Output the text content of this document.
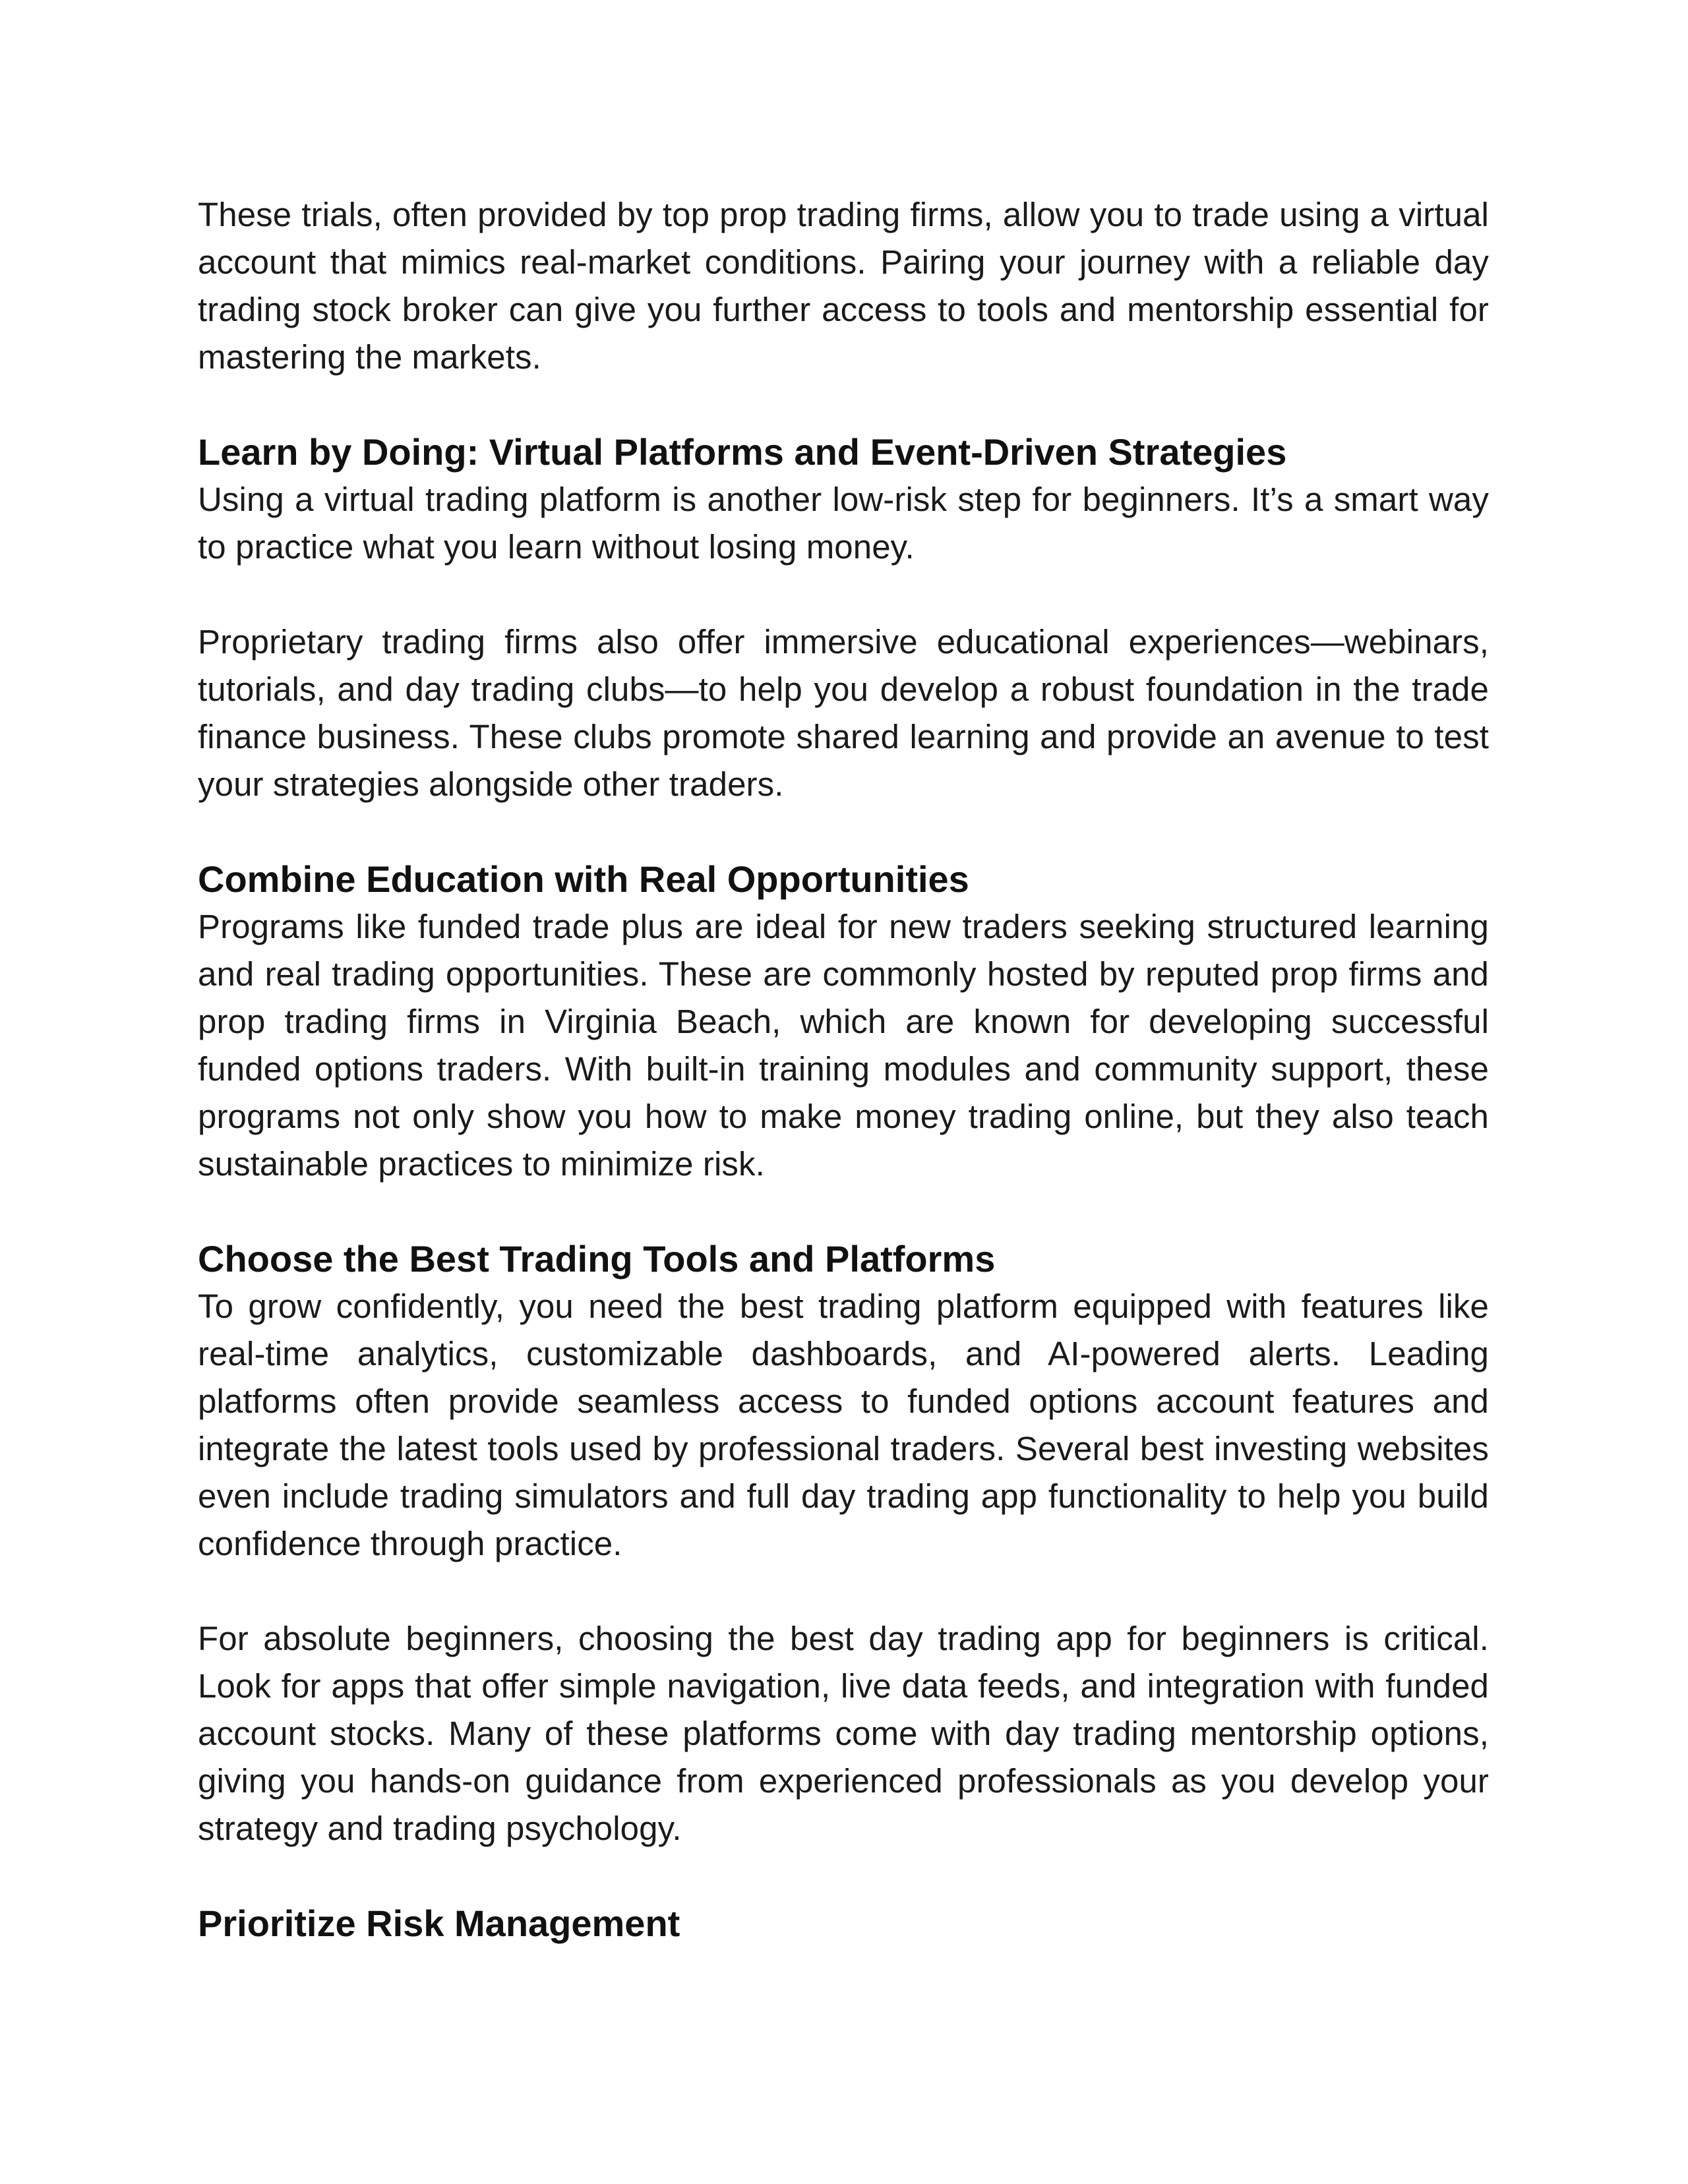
These trials, often provided by top prop trading firms, allow you to trade using a virtual account that mimics real-market conditions. Pairing your journey with a reliable day trading stock broker can give you further access to tools and mentorship essential for mastering the markets.

Learn by Doing: Virtual Platforms and Event-Driven Strategies

Using a virtual trading platform is another low-risk step for beginners. It’s a smart way to practice what you learn without losing money.

Proprietary trading firms also offer immersive educational experiences—webinars, tutorials, and day trading clubs—to help you develop a robust foundation in the trade finance business. These clubs promote shared learning and provide an avenue to test your strategies alongside other traders.

Combine Education with Real Opportunities

Programs like funded trade plus are ideal for new traders seeking structured learning and real trading opportunities. These are commonly hosted by reputed prop firms and prop trading firms in Virginia Beach, which are known for developing successful funded options traders. With built-in training modules and community support, these programs not only show you how to make money trading online, but they also teach sustainable practices to minimize risk.

Choose the Best Trading Tools and Platforms

To grow confidently, you need the best trading platform equipped with features like real-time analytics, customizable dashboards, and AI-powered alerts. Leading platforms often provide seamless access to funded options account features and integrate the latest tools used by professional traders. Several best investing websites even include trading simulators and full day trading app functionality to help you build confidence through practice.

For absolute beginners, choosing the best day trading app for beginners is critical. Look for apps that offer simple navigation, live data feeds, and integration with funded account stocks. Many of these platforms come with day trading mentorship options, giving you hands-on guidance from experienced professionals as you develop your strategy and trading psychology.

Prioritize Risk Management
